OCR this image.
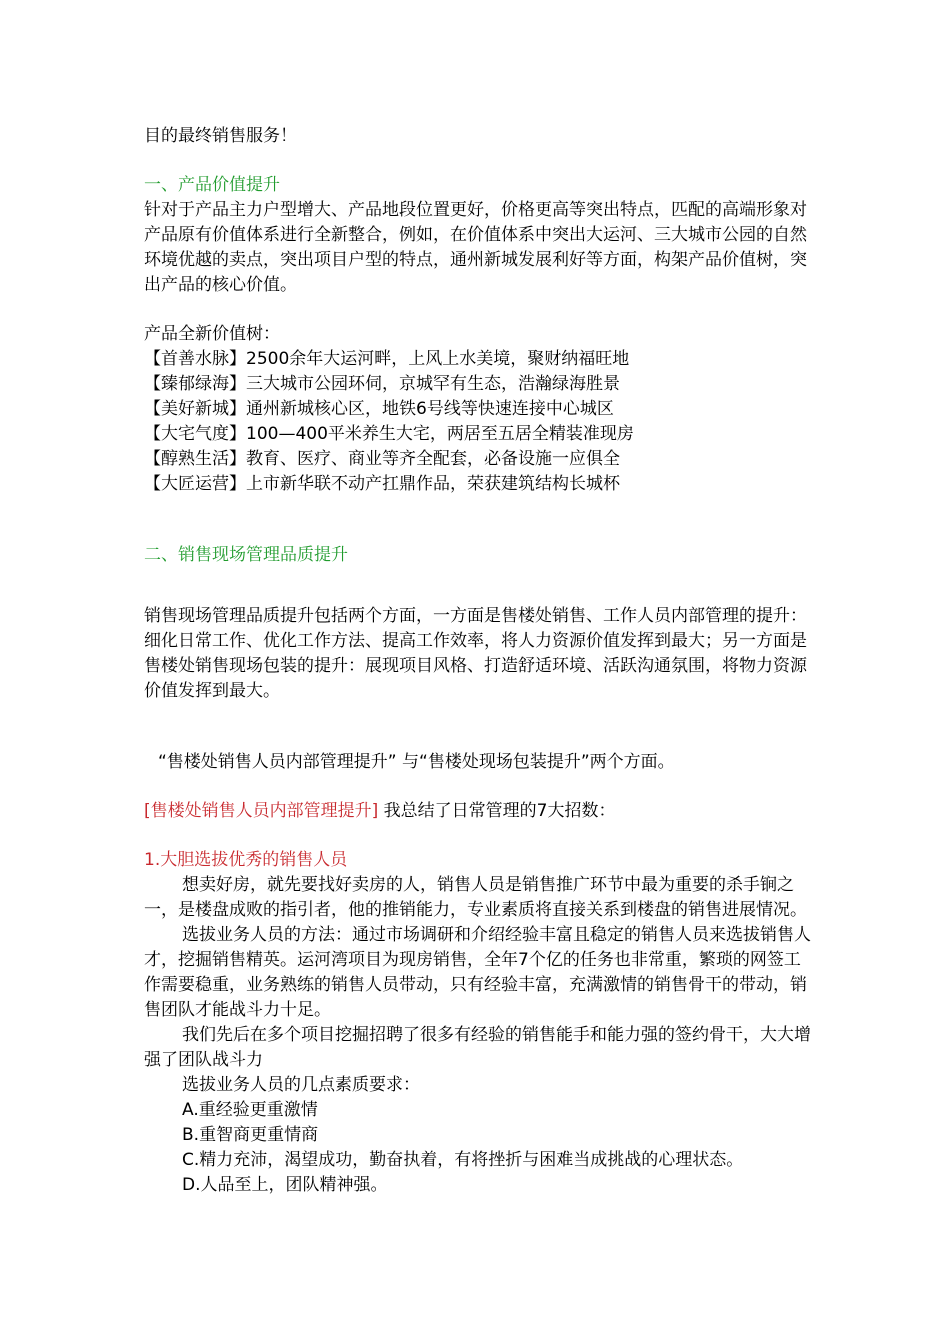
目的最终销售服务！

一、产品价值提升

针对于产品主力户型增大、产品地段位置更好，价格更高等突出特点，匹配的高端形象对产品原有价值体系进行全新整合，例如，在价值体系中突出大运河、三大城市公园的自然环境优越的卖点，突出项目户型的特点，通州新城发展利好等方面，构架产品价值树，突出产品的核心价值。

产品全新价值树：

【首善水脉】2500余年大运河畔，上风上水美境，聚财纳福旺地

【臻郁绿海】三大城市公园环伺，京城罕有生态，浩瀚绿海胜景

【美好新城】通州新城核心区，地铁6号线等快速连接中心城区

【大宅气度】100—400平米养生大宅，两居至五居全精装准现房

【醇熟生活】教育、医疗、商业等齐全配套，必备设施一应俱全

【大匠运营】上市新华联不动产扛鼎作品，荣获建筑结构长城杯

二、销售现场管理品质提升

销售现场管理品质提升包括两个方面，一方面是售楼处销售、工作人员内部管理的提升：细化日常工作、优化工作方法、提高工作效率，将人力资源价值发挥到最大；另一方面是售楼处销售现场包装的提升：展现项目风格、打造舒适环境、活跃沟通氛围，将物力资源价值发挥到最大。

“售楼处销售人员内部管理提升” 与“售楼处现场包装提升”两个方面。

[售楼处销售人员内部管理提升] 我总结了日常管理的7大招数：

1.大胆选拔优秀的销售人员

想卖好房，就先要找好卖房的人，销售人员是销售推广环节中最为重要的杀手锏之一，是楼盘成败的指引者，他的推销能力，专业素质将直接关系到楼盘的销售进展情况。

选拔业务人员的方法：通过市场调研和介绍经验丰富且稳定的销售人员来选拔销售人才，挖掘销售精英。运河湾项目为现房销售，全年7个亿的任务也非常重，繁琐的网签工作需要稳重，业务熟练的销售人员带动，只有经验丰富，充满激情的销售骨干的带动，销售团队才能战斗力十足。

我们先后在多个项目挖掘招聘了很多有经验的销售能手和能力强的签约骨干，大大增强了团队战斗力

选拔业务人员的几点素质要求：

A.重经验更重激情

B.重智商更重情商

C.精力充沛，渴望成功，勤奋执着，有将挫折与困难当成挑战的心理状态。

D.人品至上，团队精神强。
